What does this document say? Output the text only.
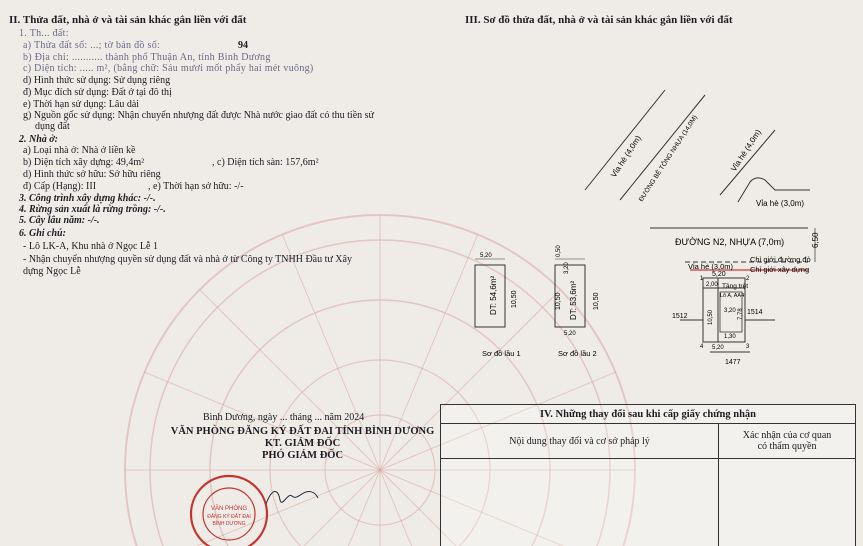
II. Thửa đất, nhà ở và tài sản khác gắn liền với đất
1. Th... đất:
a) Thửa đất số: ...; tờ bản đồ số:	94
b) Địa chỉ: ........... thành phố Thuận An, tỉnh Bình Dương
c) Diện tích: ..... m², (bằng chữ: Sáu mươi mốt phẩy hai mét vuông)
d) Hình thức sử dụng: Sử dụng riêng
đ) Mục đích sử dụng: Đất ở tại đô thị
e) Thời hạn sử dụng: Lâu dài
g) Nguồn gốc sử dụng: Nhận chuyển nhượng đất được Nhà nước giao đất có thu tiền sử
dụng đất
2. Nhà ở:
a) Loại nhà ở: Nhà ở liền kề
b) Diện tích xây dựng: 49,4m²	, c) Diện tích sàn: 157,6m²
d) Hình thức sở hữu: Sở hữu riêng
đ) Cấp (Hạng): III	, e) Thời hạn sở hữu: -/-
3. Công trình xây dựng khác: -/-.
4. Rừng sản xuất là rừng trồng: -/-.
5. Cây lâu năm: -/-.
6. Ghi chú:
- Lô LK-A, Khu nhà ở Ngọc Lễ 1
- Nhận chuyển nhượng quyền sử dụng đất và nhà ở từ Công ty TNHH Đầu tư Xây
dựng Ngọc Lễ
III. Sơ đồ thửa đất, nhà ở và tài sản khác gắn liền với đất
6,50
Vỉa hè (4,0m)
ĐƯỜNG BÊ TÔNG NHỰA (14,0M)	Vỉa hè (4,0m)
Vỉa hè (3,0m)
ĐƯỜNG N2, NHỰA (7,0m)
Vỉa hè (3,0m)
Chỉ giới đường đỏ
Chỉ giới xây dựng
5,20
2,00 Tầng trệt
Lô A, AA4
10,50	7,78
1,30
3,20
1512
1514
1477
1	2
3
4 5,20
5,20
DT: 54,6m² 10,50
Sơ đồ lầu 1
0,50
3,20
10,50 DT: 53,6m² 10,50
5,20
Sơ đồ lầu 2
Bình Dương, ngày ... tháng ... năm 2024
VĂN PHÒNG ĐĂNG KÝ ĐẤT ĐAI TỈNH BÌNH DƯƠNG
KT. GIÁM ĐỐC
PHÓ GIÁM ĐỐC
VĂN PHÒNG
ĐĂNG KÝ ĐẤT ĐAI
BÌNH DƯƠNG
IV. Những thay đổi sau khi cấp giấy chứng nhận	
Nội dung thay đổi và cơ sở pháp lý	Xác nhận của cơ quan
có thẩm quyền
